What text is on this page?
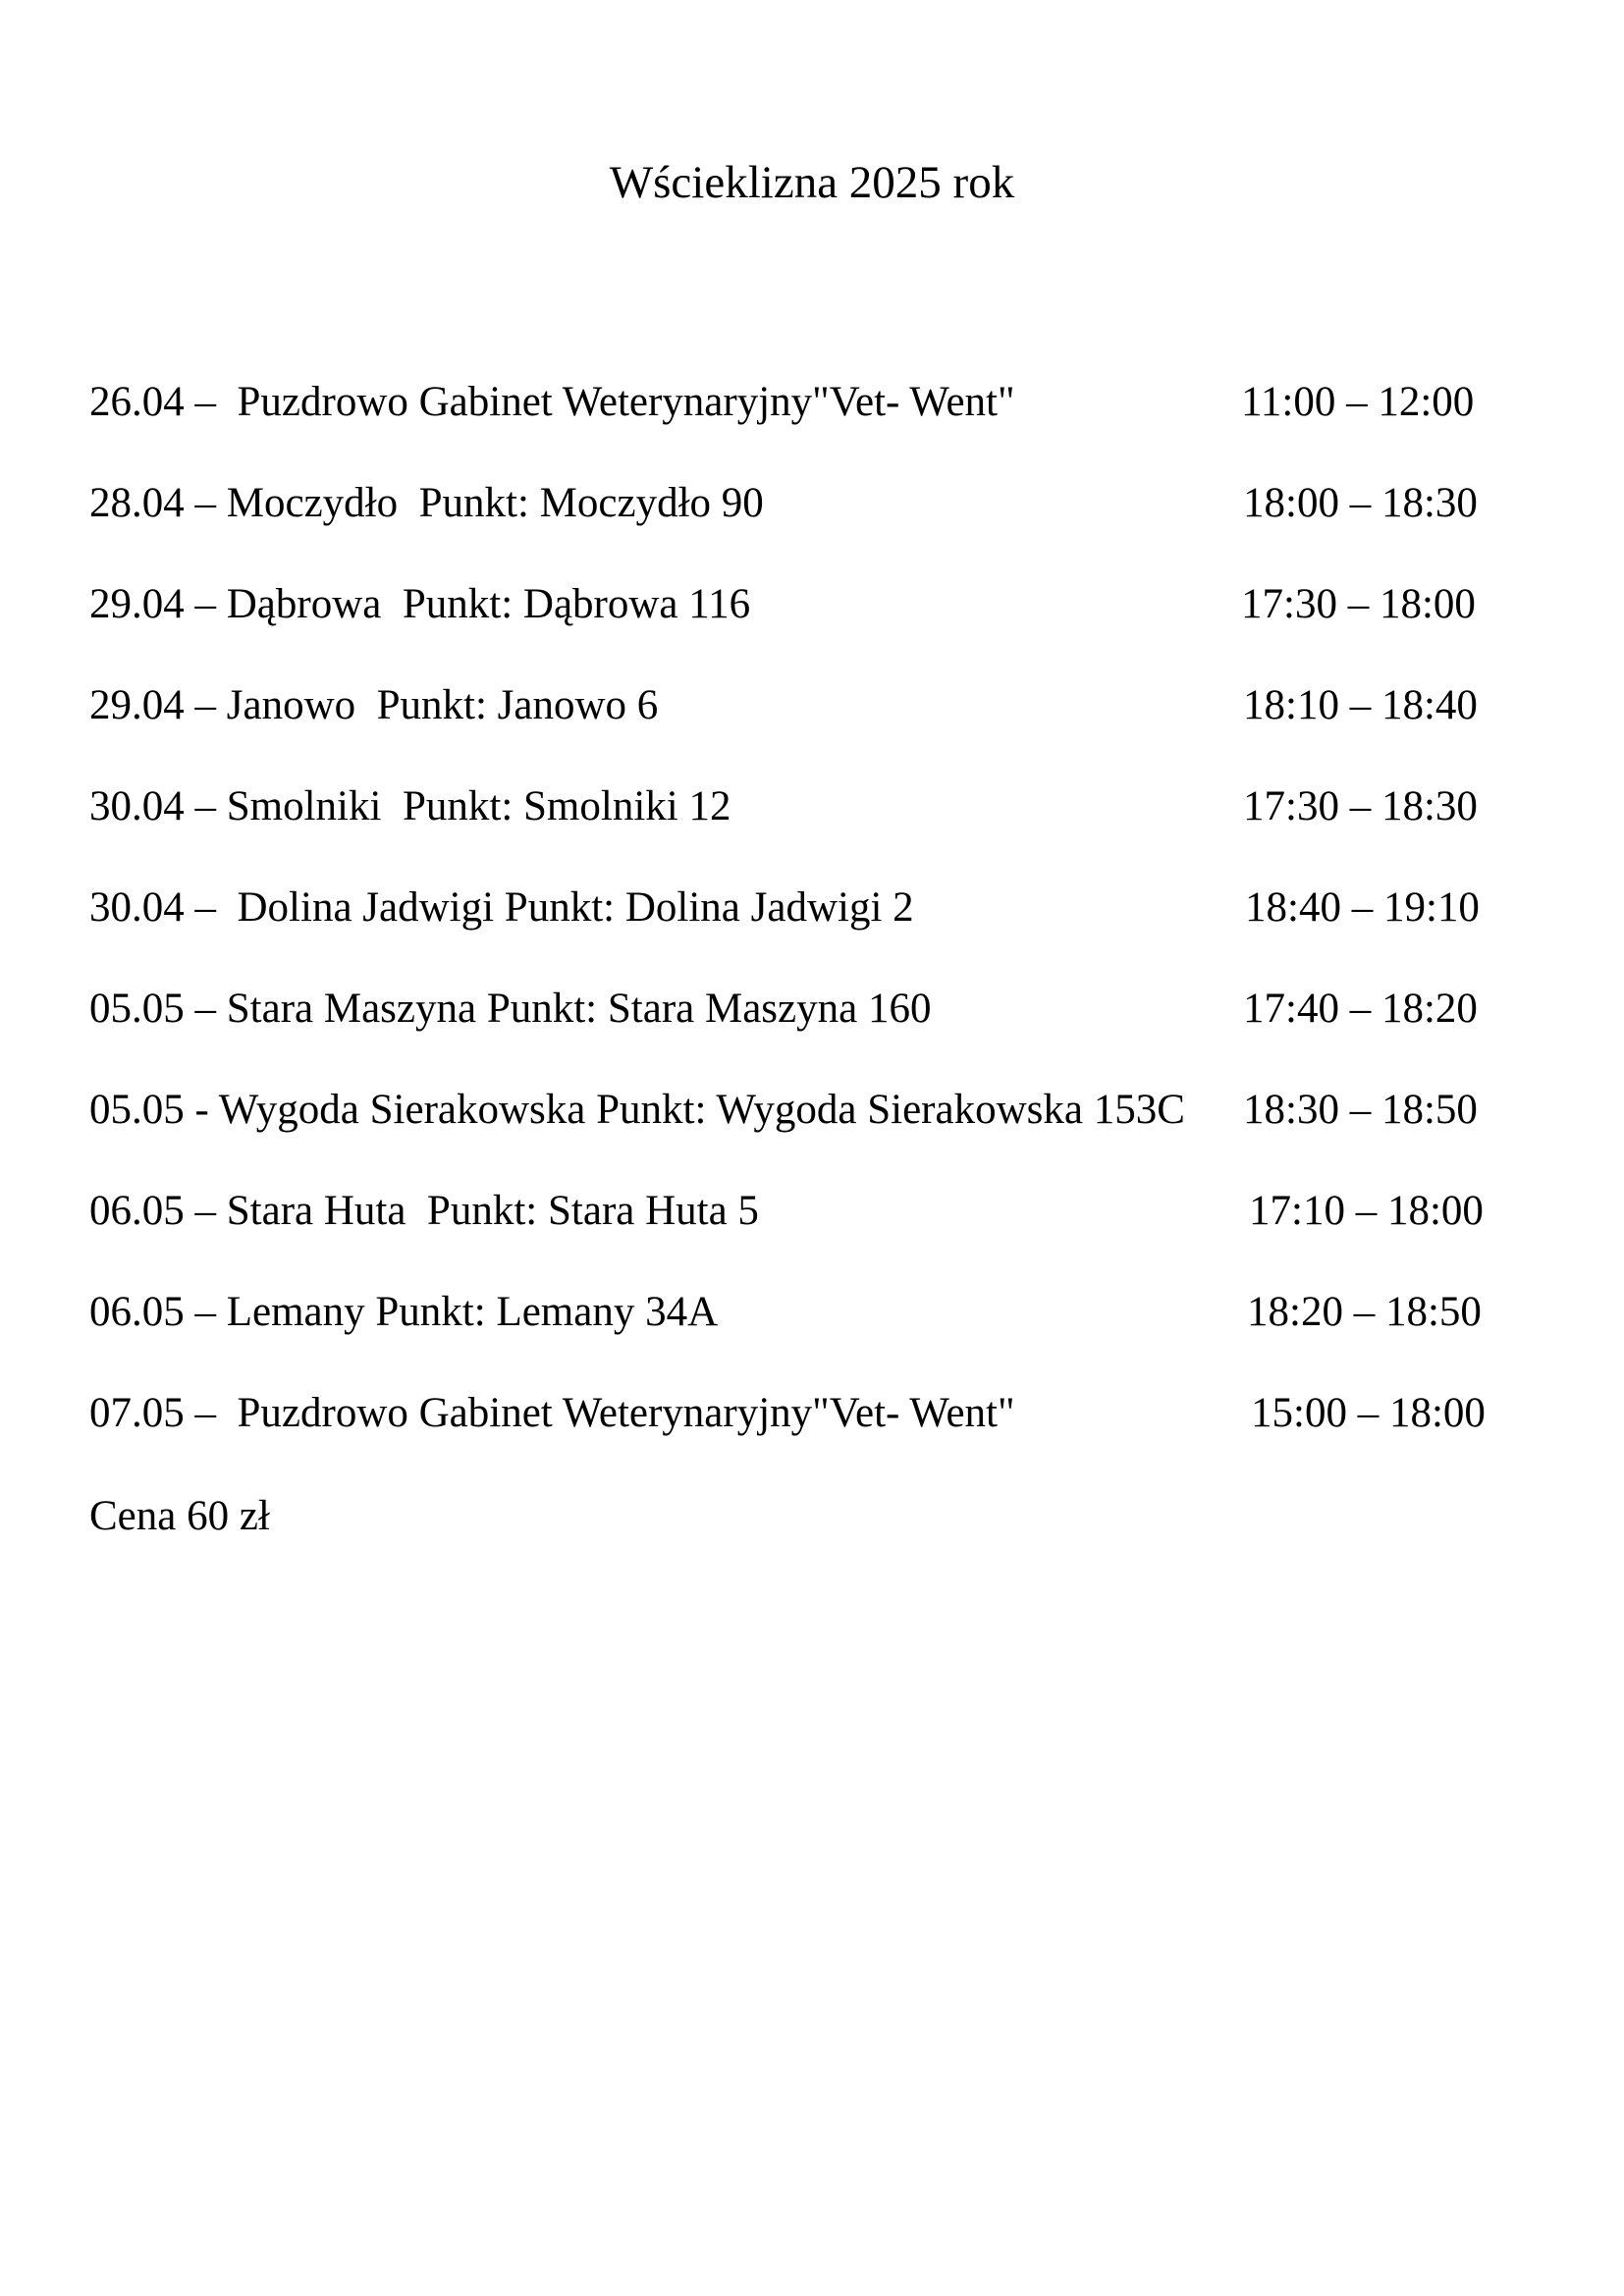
Wścieklizna 2025 rok
26.04 –  Puzdrowo Gabinet Weterynaryjny"Vet- Went"	11:00 – 12:00
28.04 – Moczydło  Punkt: Moczydło 90	18:00 – 18:30
29.04 – Dąbrowa  Punkt: Dąbrowa 116	17:30 – 18:00
29.04 – Janowo  Punkt: Janowo 6	18:10 – 18:40
30.04 – Smolniki  Punkt: Smolniki 12	17:30 – 18:30
30.04 –  Dolina Jadwigi Punkt: Dolina Jadwigi 2	18:40 – 19:10
05.05 – Stara Maszyna Punkt: Stara Maszyna 160	17:40 – 18:20
05.05 - Wygoda Sierakowska Punkt: Wygoda Sierakowska 153C 18:30 – 18:50
06.05 – Stara Huta  Punkt: Stara Huta 5	17:10 – 18:00
06.05 – Lemany Punkt: Lemany 34A	18:20 – 18:50
07.05 –  Puzdrowo Gabinet Weterynaryjny"Vet- Went"	15:00 – 18:00
Cena 60 zł
